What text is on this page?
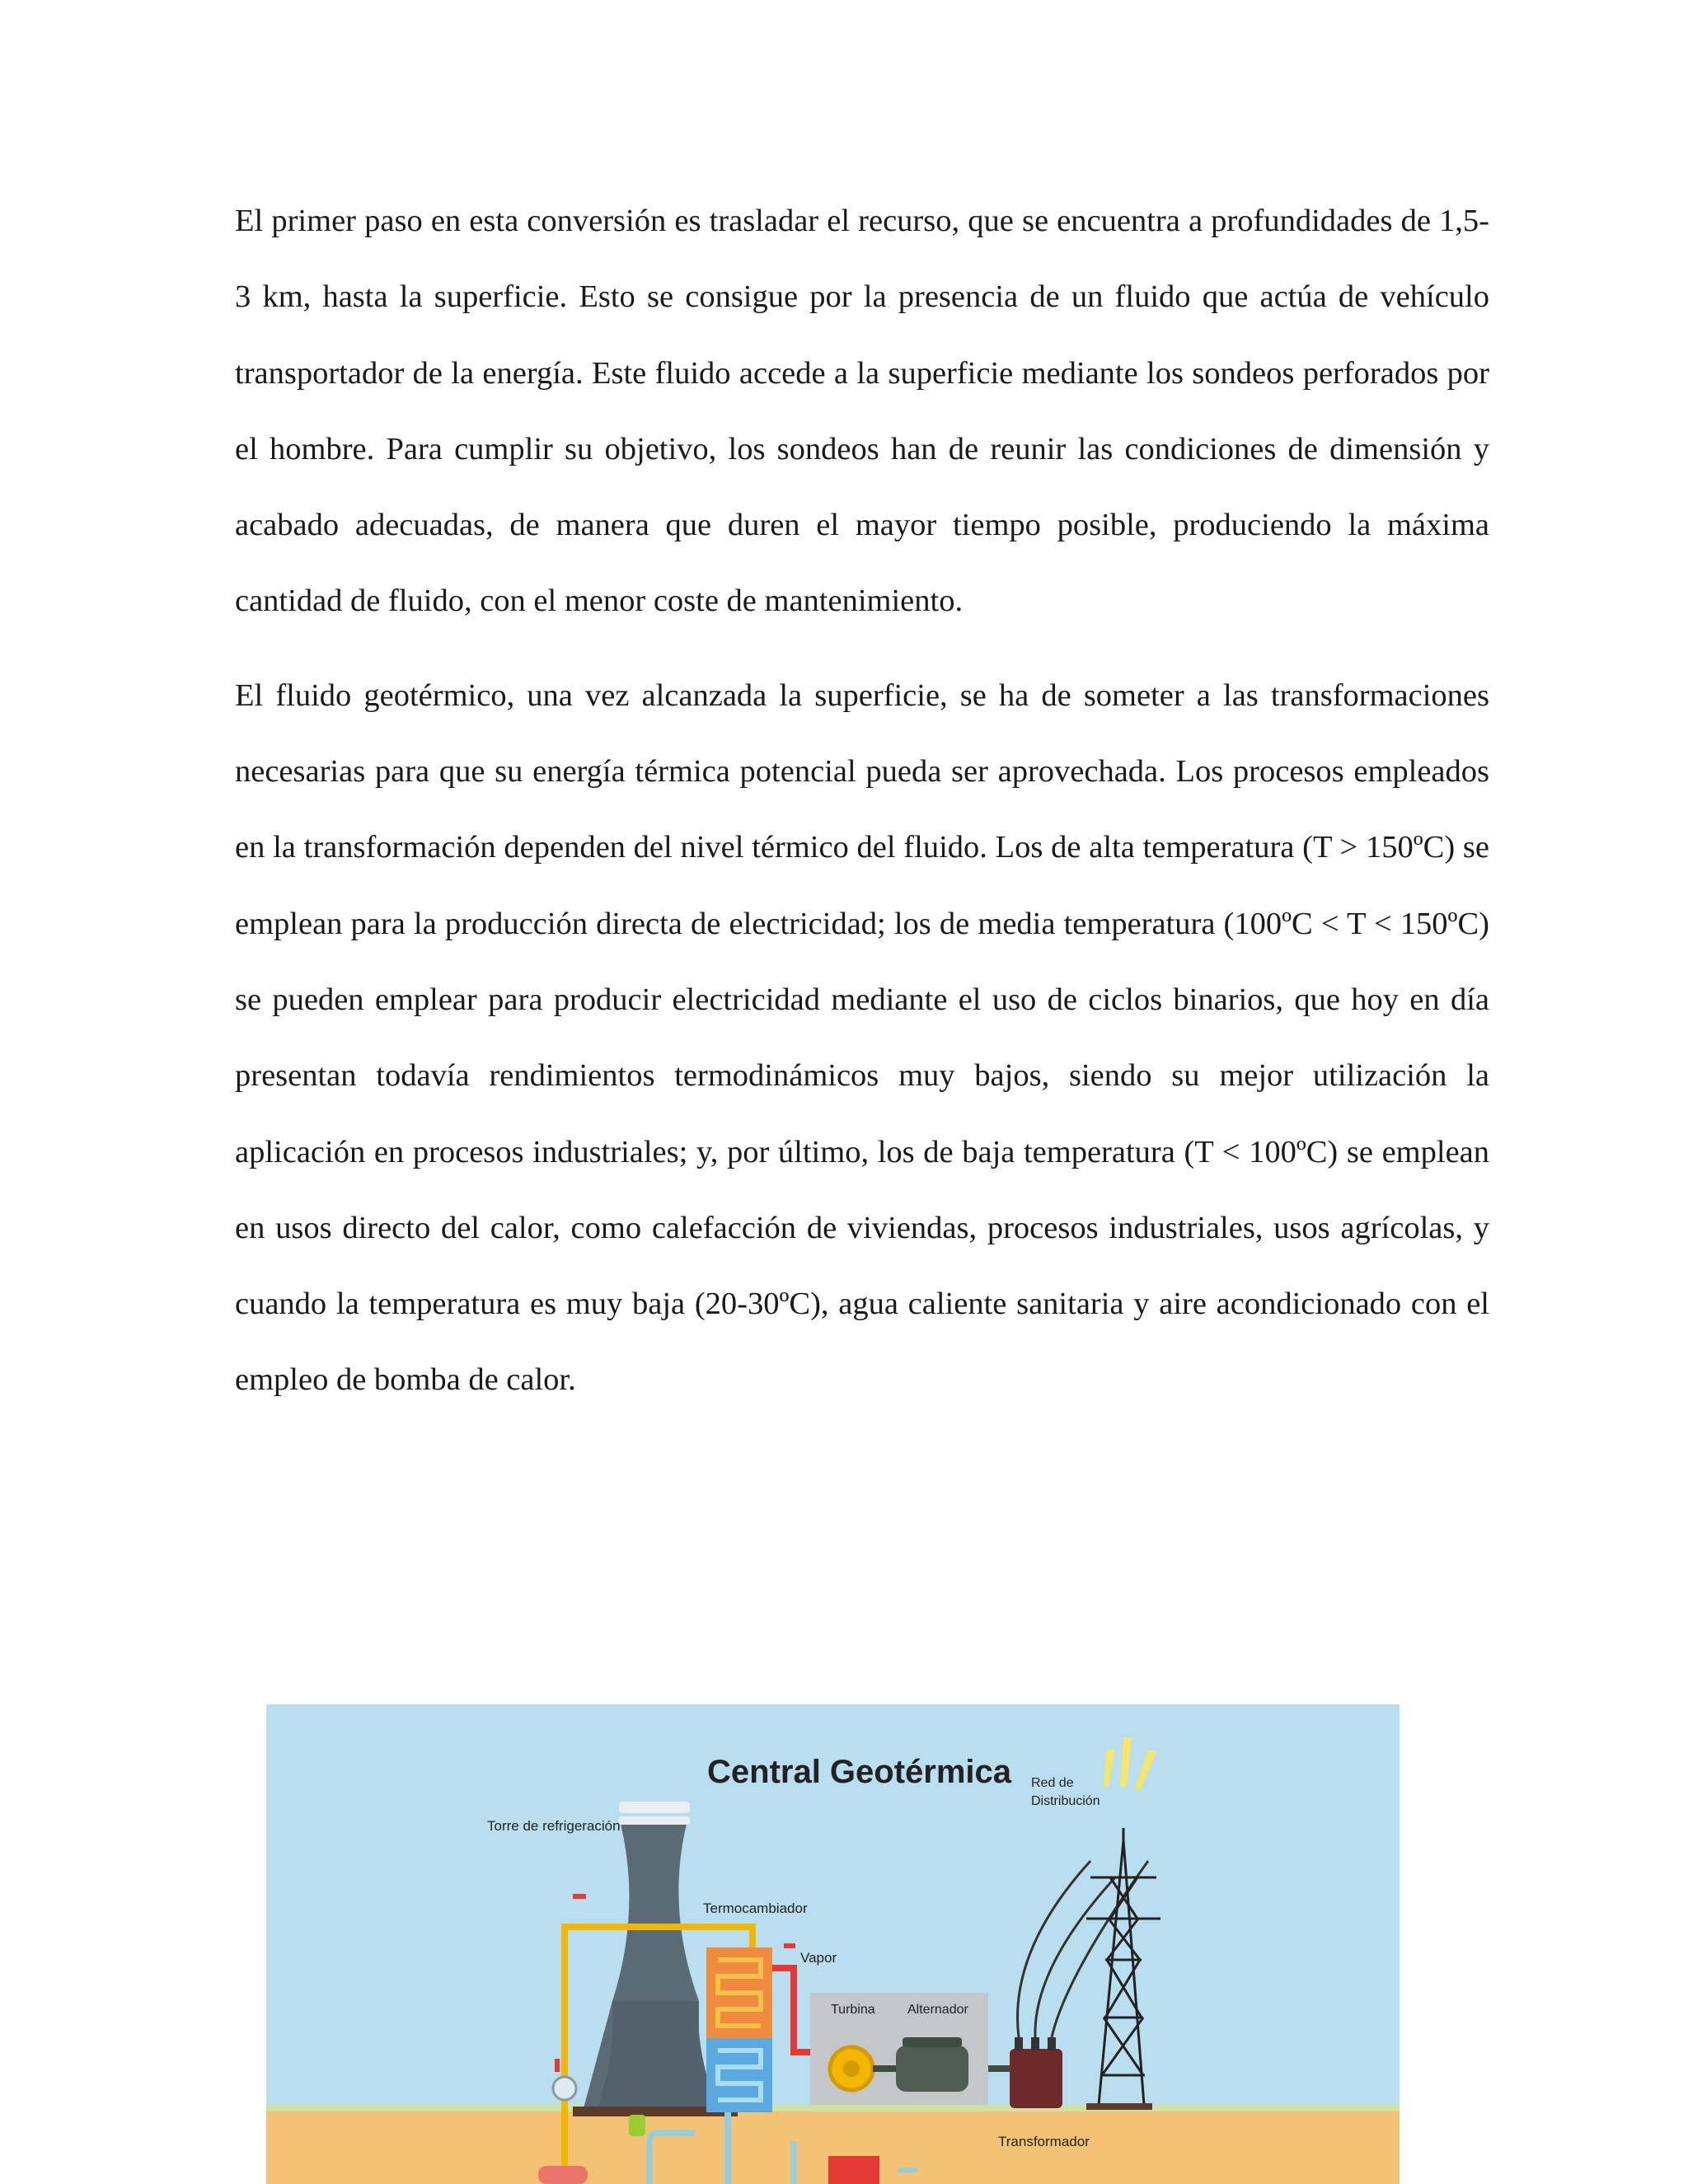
El primer paso en esta conversión es trasladar el recurso, que se encuentra a profundidades de 1,5-3 km, hasta la superficie. Esto se consigue por la presencia de un fluido que actúa de vehículo transportador de la energía. Este fluido accede a la superficie mediante los sondeos perforados por el hombre. Para cumplir su objetivo, los sondeos han de reunir las condiciones de dimensión y acabado adecuadas, de manera que duren el mayor tiempo posible, produciendo la máxima cantidad de fluido, con el menor coste de mantenimiento.

El fluido geotérmico, una vez alcanzada la superficie, se ha de someter a las transformaciones necesarias para que su energía térmica potencial pueda ser aprovechada. Los procesos empleados en la transformación dependen del nivel térmico del fluido. Los de alta temperatura (T > 150ºC) se emplean para la producción directa de electricidad; los de media temperatura (100ºC < T < 150ºC) se pueden emplear para producir electricidad mediante el uso de ciclos binarios, que hoy en día presentan todavía rendimientos termodinámicos muy bajos, siendo su mejor utilización la aplicación en procesos industriales; y, por último, los de baja temperatura (T < 100ºC) se emplean en usos directo del calor, como calefacción de viviendas, procesos industriales, usos agrícolas, y cuando la temperatura es muy baja (20-30ºC), agua caliente sanitaria y aire acondicionado con el empleo de bomba de calor.

Central Geotérmica
Torre de refrigeración
Termocambiador
Vapor
Turbina Alternador
Transformador
Red de
Distribución
